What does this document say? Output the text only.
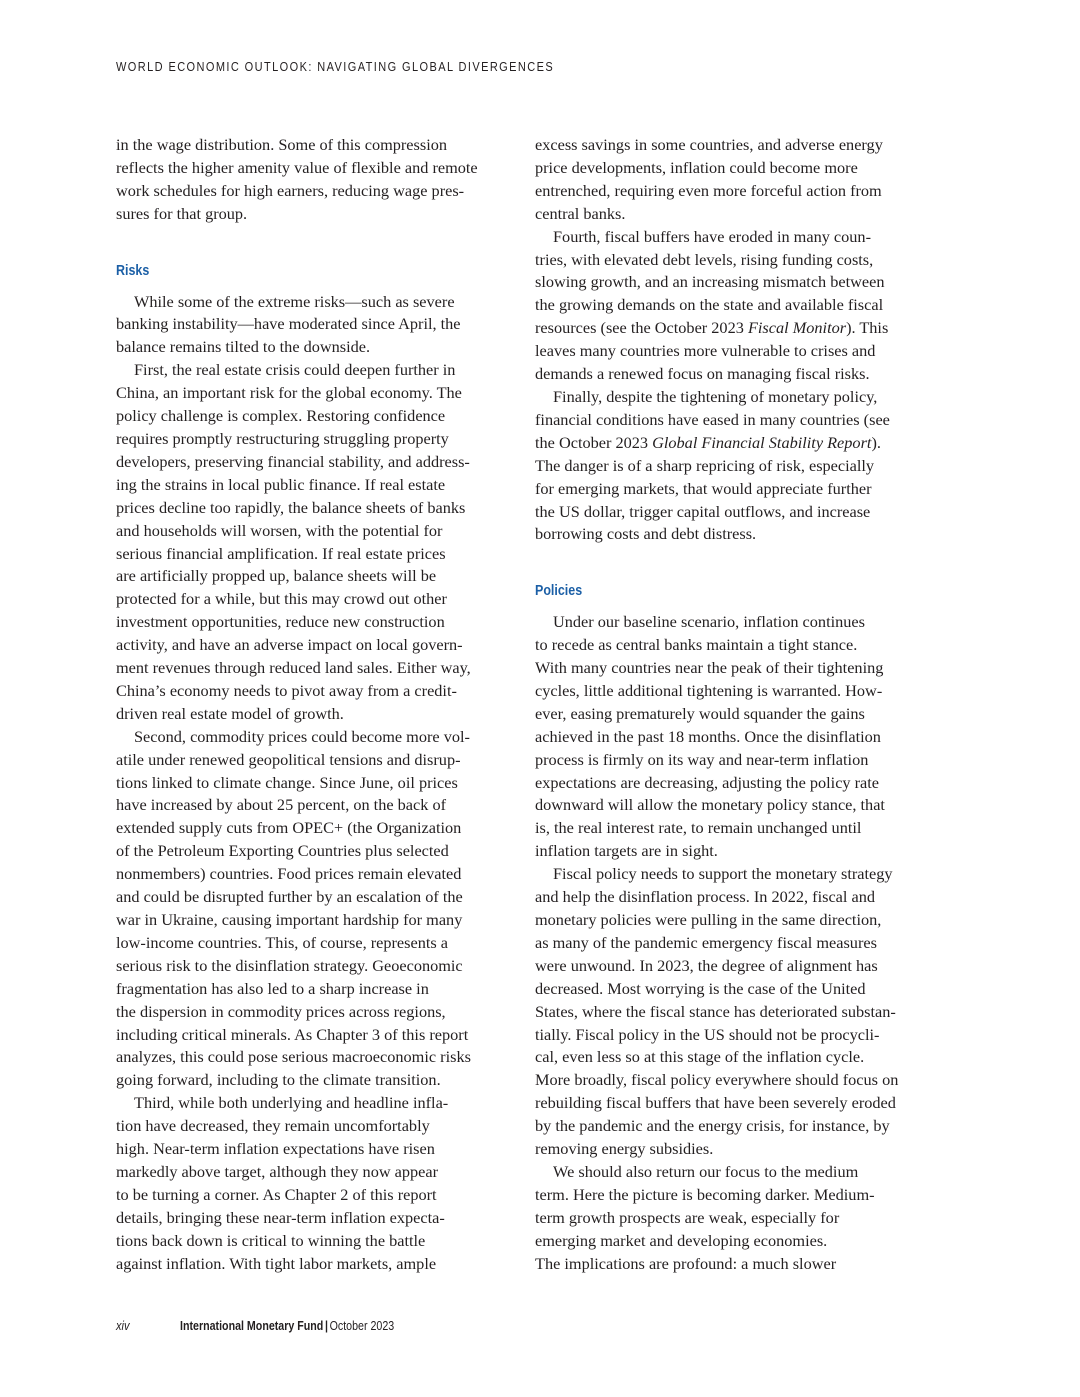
WORLD ECONOMIC OUTLOOK: NAVIGATING GLOBAL DIVERGENCES
in the wage distribution. Some of this compression
reflects the higher amenity value of flexible and remote
work schedules for high earners, reducing wage pres-
sures for that group.
Risks
While some of the extreme risks—such as severe
banking instability—have moderated since April, the
balance remains tilted to the downside.
First, the real estate crisis could deepen further in
China, an important risk for the global economy. The
policy challenge is complex. Restoring confidence
requires promptly restructuring struggling property
developers, preserving financial stability, and address-
ing the strains in local public finance. If real estate
prices decline too rapidly, the balance sheets of banks
and households will worsen, with the potential for
serious financial amplification. If real estate prices
are artificially propped up, balance sheets will be
protected for a while, but this may crowd out other
investment opportunities, reduce new construction
activity, and have an adverse impact on local govern-
ment revenues through reduced land sales. Either way,
China’s economy needs to pivot away from a credit-
driven real estate model of growth.
Second, commodity prices could become more vol-
atile under renewed geopolitical tensions and disrup-
tions linked to climate change. Since June, oil prices
have increased by about 25 percent, on the back of
extended supply cuts from OPEC+ (the Organization
of the Petroleum Exporting Countries plus selected
nonmembers) countries. Food prices remain elevated
and could be disrupted further by an escalation of the
war in Ukraine, causing important hardship for many
low-income countries. This, of course, represents a
serious risk to the disinflation strategy. Geoeconomic
fragmentation has also led to a sharp increase in
the dispersion in commodity prices across regions,
including critical minerals. As Chapter 3 of this report
analyzes, this could pose serious macroeconomic risks
going forward, including to the climate transition.
Third, while both underlying and headline infla-
tion have decreased, they remain uncomfortably
high. Near-term inflation expectations have risen
markedly above target, although they now appear
to be turning a corner. As Chapter 2 of this report
details, bringing these near-term inflation expecta-
tions back down is critical to winning the battle
against inflation. With tight labor markets, ample
excess savings in some countries, and adverse energy
price developments, inflation could become more
entrenched, requiring even more forceful action from
central banks.
Fourth, fiscal buffers have eroded in many coun-
tries, with elevated debt levels, rising funding costs,
slowing growth, and an increasing mismatch between
the growing demands on the state and available fiscal
resources (see the October 2023 Fiscal Monitor). This
leaves many countries more vulnerable to crises and
demands a renewed focus on managing fiscal risks.
Finally, despite the tightening of monetary policy,
financial conditions have eased in many countries (see
the October 2023 Global Financial Stability Report).
The danger is of a sharp repricing of risk, especially
for emerging markets, that would appreciate further
the US dollar, trigger capital outflows, and increase
borrowing costs and debt distress.
Policies
Under our baseline scenario, inflation continues
to recede as central banks maintain a tight stance.
With many countries near the peak of their tightening
cycles, little additional tightening is warranted. How-
ever, easing prematurely would squander the gains
achieved in the past 18 months. Once the disinflation
process is firmly on its way and near-term inflation
expectations are decreasing, adjusting the policy rate
downward will allow the monetary policy stance, that
is, the real interest rate, to remain unchanged until
inflation targets are in sight.
Fiscal policy needs to support the monetary strategy
and help the disinflation process. In 2022, fiscal and
monetary policies were pulling in the same direction,
as many of the pandemic emergency fiscal measures
were unwound. In 2023, the degree of alignment has
decreased. Most worrying is the case of the United
States, where the fiscal stance has deteriorated substan-
tially. Fiscal policy in the US should not be procycli-
cal, even less so at this stage of the inflation cycle.
More broadly, fiscal policy everywhere should focus on
rebuilding fiscal buffers that have been severely eroded
by the pandemic and the energy crisis, for instance, by
removing energy subsidies.
We should also return our focus to the medium
term. Here the picture is becoming darker. Medium-
term growth prospects are weak, especially for
emerging market and developing economies.
The implications are profound: a much slower
xiv	International Monetary Fund | October 2023
